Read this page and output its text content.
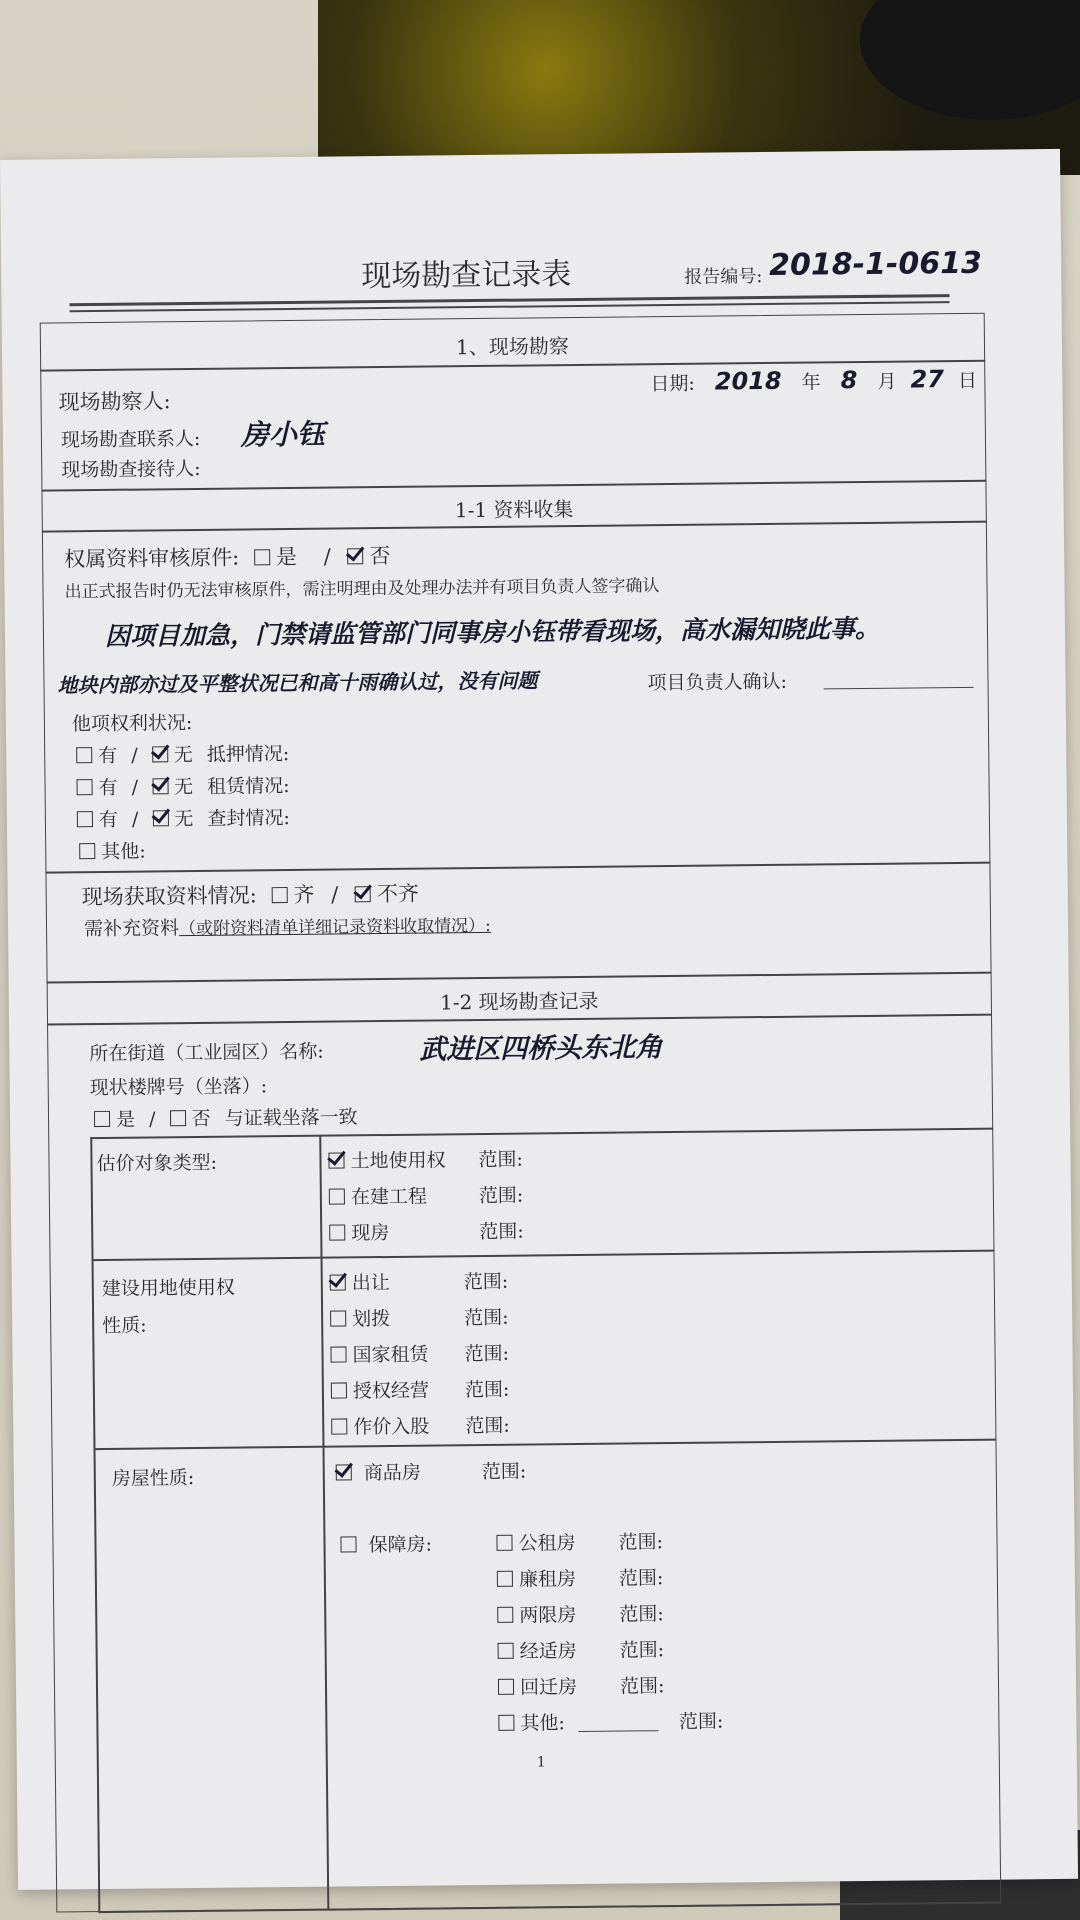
现场勘查记录表	报告编号: 2018-1-0613
1、现场勘察
现场勘察人:
日期: 2018 年 8 月 27 日
现场勘查联系人: 房小钰
现场勘查接待人:
1-1 资料收集
权属资料审核原件: 是 / 否
出正式报告时仍无法审核原件，需注明理由及处理办法并有项目负责人签字确认
因项目加急，门禁请监管部门同事房小钰带看现场，高水漏知晓此事。
地块内部亦过及平整状况已和高十雨确认过，没有问题	项目负责人确认:
他项权利状况:
有 / 无 抵押情况:
有 / 无 租赁情况:
有 / 无 查封情况:
其他:
现场获取资料情况: 齐 / 不齐
需补充资料（或附资料清单详细记录资料收取情况）:
1-2 现场勘查记录
所在街道（工业园区）名称:	武进区四桥头东北角
现状楼牌号（坐落）:
是 / 否 与证载坐落一致
估价对象类型:	土地使用权 范围:
在建工程	范围:
现房	范围:
建设用地使用权
性质:
出让	范围:
划拨	范围:
国家租赁 范围:
授权经营 范围:
作价入股 范围:
房屋性质:	商品房	范围:
保障房:	公租房 范围:
廉租房 范围:
两限房 范围:
经适房 范围:
回迁房 范围:
其他:	范围:
1
